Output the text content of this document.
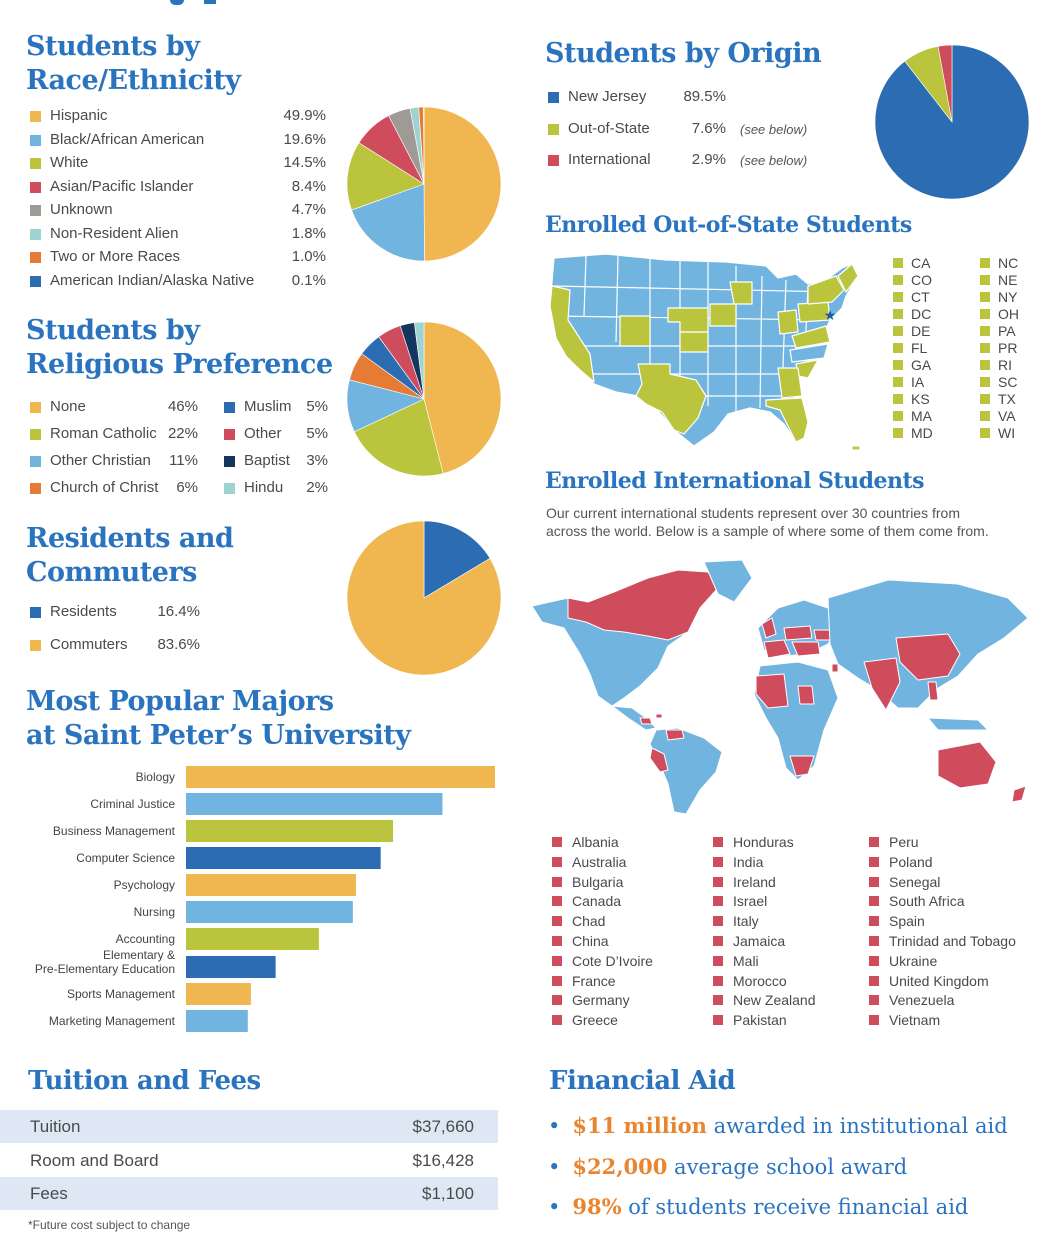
Students by
Race/Ethnicity
Hispanic	49.9%
Black/African American	19.6%
White	14.5%
Asian/Pacific Islander	8.4%
Unknown	4.7%
Non-Resident Alien	1.8%
Two or More Races	1.0%
American Indian/Alaska Native	0.1%
Students by
Religious Preference
None	46%
Roman Catholic 22%
Other Christian	11%
Church of Christ	6%
Muslim 5%
Other	5%
Baptist	3%
Hindu	2%
Residents and
Commuters
Residents	16.4%
Commuters	83.6%
Most Popular Majors
at Saint Peter’s University
Biology
Criminal Justice
Business Management
Computer Science
Psychology
Nursing
Accounting
Elementary & Pre-Elementary Education
Sports Management
Marketing Management
Tuition and Fees
Tuition	$37,660
Room and Board	$16,428
Fees	$1,100
*Future cost subject to change
Students by Origin
New Jersey	89.5%
Out-of-State	7.6% (see below)
International	2.9% (see below)
Enrolled Out-of-State Students
★
CA
CO
CT
DC
DE
FL
GA
IA
KS
MA
MD
NC
NE
NY
OH
PA
PR
RI
SC
TX
VA
WI
Enrolled International Students
Our current international students represent over 30 countries from
across the world. Below is a sample of where some of them come from.
Albania
Australia
Bulgaria
Canada
Chad
China
Cote D’Ivoire
France
Germany
Greece
Honduras
India
Ireland
Israel
Italy
Jamaica
Mali
Morocco
New Zealand
Pakistan
Peru
Poland
Senegal
South Africa
Spain
Trinidad and Tobago
Ukraine
United Kingdom
Venezuela
Vietnam
Financial Aid
• $11 million awarded in institutional aid
• $22,000 average school award
• 98% of students receive financial aid
